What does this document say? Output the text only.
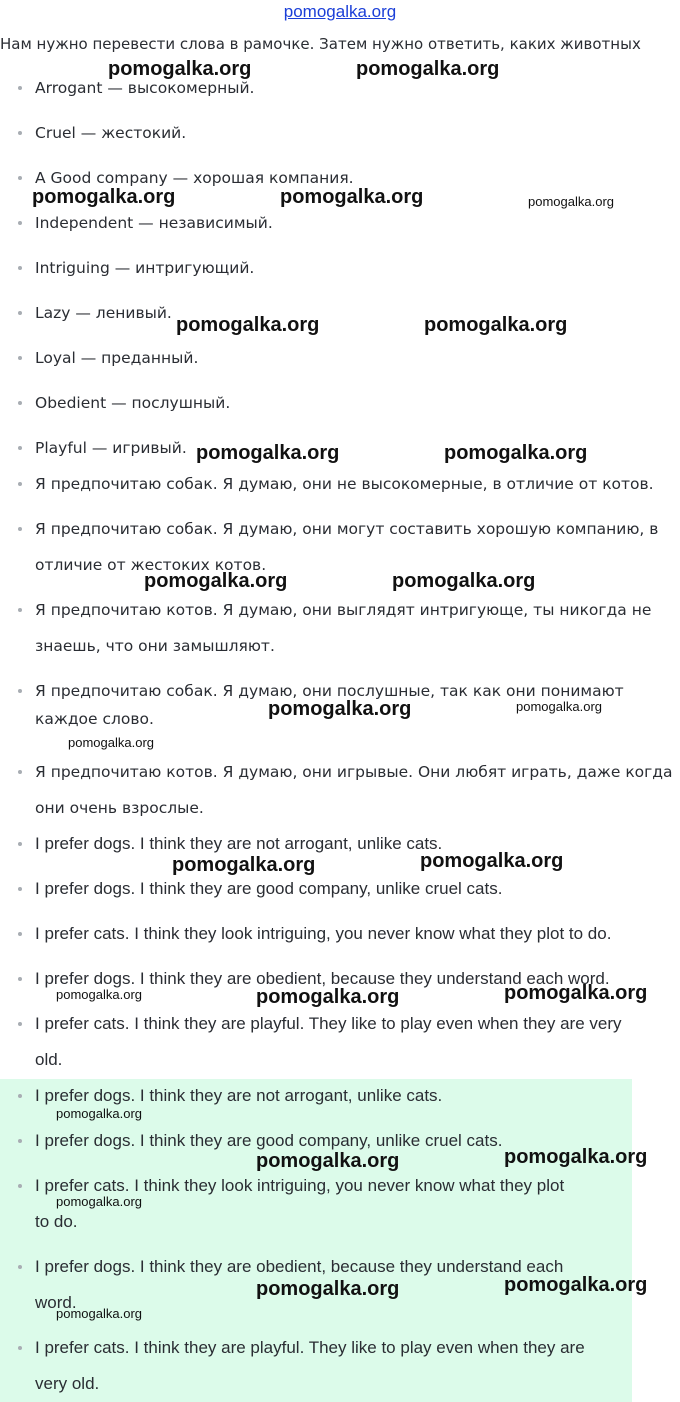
pomogalka.org
Нам нужно перевести слова в рамочке. Затем нужно ответить, каких животных
Arrogant — высокомерный.
Cruel — жестокий.
A Good company — хорошая компания.
Independent — независимый.
Intriguing — интригующий.
Lazy — ленивый.
Loyal — преданный.
Obedient — послушный.
Playful — игривый.
Я предпочитаю собак. Я думаю, они не высокомерные, в отличие от котов.
Я предпочитаю собак. Я думаю, они могут составить хорошую компанию, в
отличие от жестоких котов.
Я предпочитаю котов. Я думаю, они выглядят интригующе, ты никогда не
знаешь, что они замышляют.
Я предпочитаю собак. Я думаю, они послушные, так как они понимают
каждое слово.
Я предпочитаю котов. Я думаю, они игрывые. Они любят играть, даже когда
они очень взрослые.
I prefer dogs. I think they are not arrogant, unlike cats.
I prefer dogs. I think they are good company, unlike cruel cats.
I prefer cats. I think they look intriguing, you never know what they plot to do.
I prefer dogs. I think they are obedient, because they understand each word.
I prefer cats. I think they are playful. They like to play even when they are very
old.
I prefer dogs. I think they are not arrogant, unlike cats.
I prefer dogs. I think they are good company, unlike cruel cats.
I prefer cats. I think they look intriguing, you never know what they plot
to do.
I prefer dogs. I think they are obedient, because they understand each
word.
I prefer cats. I think they are playful. They like to play even when they are
very old.
pomogalka.org	pomogalka.org
pomogalka.org	pomogalka.org	pomogalka.org
pomogalka.org	pomogalka.org
pomogalka.org	pomogalka.org
pomogalka.org	pomogalka.org
pomogalka.org	pomogalka.org
pomogalka.org
pomogalka.org	pomogalka.org
pomogalka.org	pomogalka.org	pomogalka.org
pomogalka.org
pomogalka.org	pomogalka.org
pomogalka.org
pomogalka.org	pomogalka.org
pomogalka.org
